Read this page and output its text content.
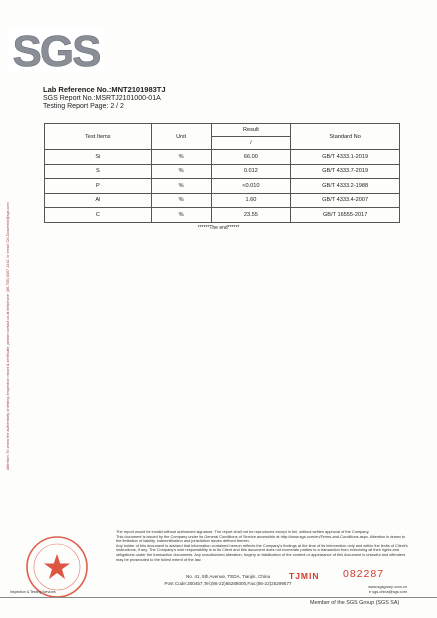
SGS
Lab Reference No.:MNT2101983TJ
SGS Report No.:MSRTJ2101000-01A
Testing Report Page: 2 / 2
Attention: To check the authenticity of testing /inspection report & certificate, please contact us at telephone: (86-755) 8307 1443, or email: CN.Doccheck@sgs.com
Test Items	Unit	Result	Standard No
		/	
Si	%	66.00	GB/T 4333.1-2019
S	%	0.012	GB/T 4333.7-2019
P	%	<0.010	GB/T 4333.2-1988
Al	%	1.60	GB/T 4333.4-2007
C	%	23.55	GB/T 16555-2017
******The end******
The report would be invalid without authorized signature. The report shall not be reproduced except in full, without written approval of the Company.
This document is issued by the Company under its General Conditions of Service accessible at http://www.sgs.com/en/Terms-and-Conditions.aspx. Attention is drawn to the limitation of liability, indemnification and jurisdiction issues defined therein.
Any holder of this document is advised that information contained hereon reflects the Company's findings at the time of its intervention only and within the limits of Client's instructions, if any. The Company's sole responsibility is to its Client and this document does not exonerate parties to a transaction from exercising all their rights and obligations under the transaction documents. Any unauthorized alteration, forgery or falsification of the content or appearance of this document is unlawful and offenders may be prosecuted to the fullest extent of the law.
Inspection & Testing Services
No. 41, 5th Avenue, TEDA, Tianjin, China
Post Code:300457,Tel:(86-22)65288000,Fax:(86-22)25299577
TJMIN 082287
www.sgsgroup.com.cn
e sgs.china@sgs.com
Member of the SGS Group (SGS SA)
